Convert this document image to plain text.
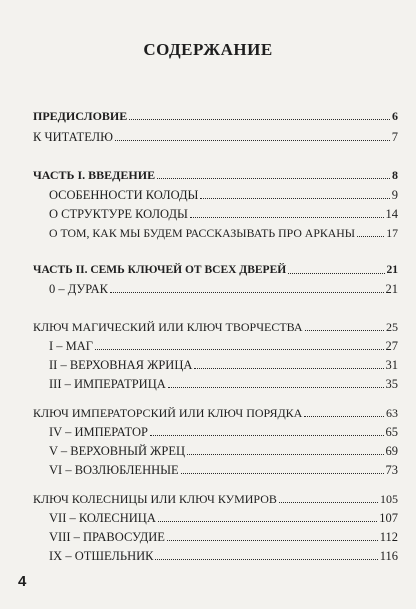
СОДЕРЖАНИЕ
ПРЕДИСЛОВИЕ	6
К ЧИТАТЕЛЮ	7
ЧАСТЬ I. ВВЕДЕНИЕ	8
ОСОБЕННОСТИ КОЛОДЫ	9
О СТРУКТУРЕ КОЛОДЫ	14
О ТОМ, КАК МЫ БУДЕМ РАССКАЗЫВАТЬ ПРО АРКАНЫ	17
ЧАСТЬ II. СЕМЬ КЛЮЧЕЙ ОТ ВСЕХ ДВЕРЕЙ	21
0 – ДУРАК	21
КЛЮЧ МАГИЧЕСКИЙ ИЛИ КЛЮЧ ТВОРЧЕСТВА	25
I – МАГ	27
II – ВЕРХОВНАЯ ЖРИЦА	31
III – ИМПЕРАТРИЦА	35
КЛЮЧ ИМПЕРАТОРСКИЙ ИЛИ КЛЮЧ ПОРЯДКА	63
IV – ИМПЕРАТОР	65
V – ВЕРХОВНЫЙ ЖРЕЦ	69
VI – ВОЗЛЮБЛЕННЫЕ	73
КЛЮЧ КОЛЕСНИЦЫ ИЛИ КЛЮЧ КУМИРОВ	105
VII – КОЛЕСНИЦА	107
VIII – ПРАВОСУДИЕ	112
IX – ОТШЕЛЬНИК	116
4
